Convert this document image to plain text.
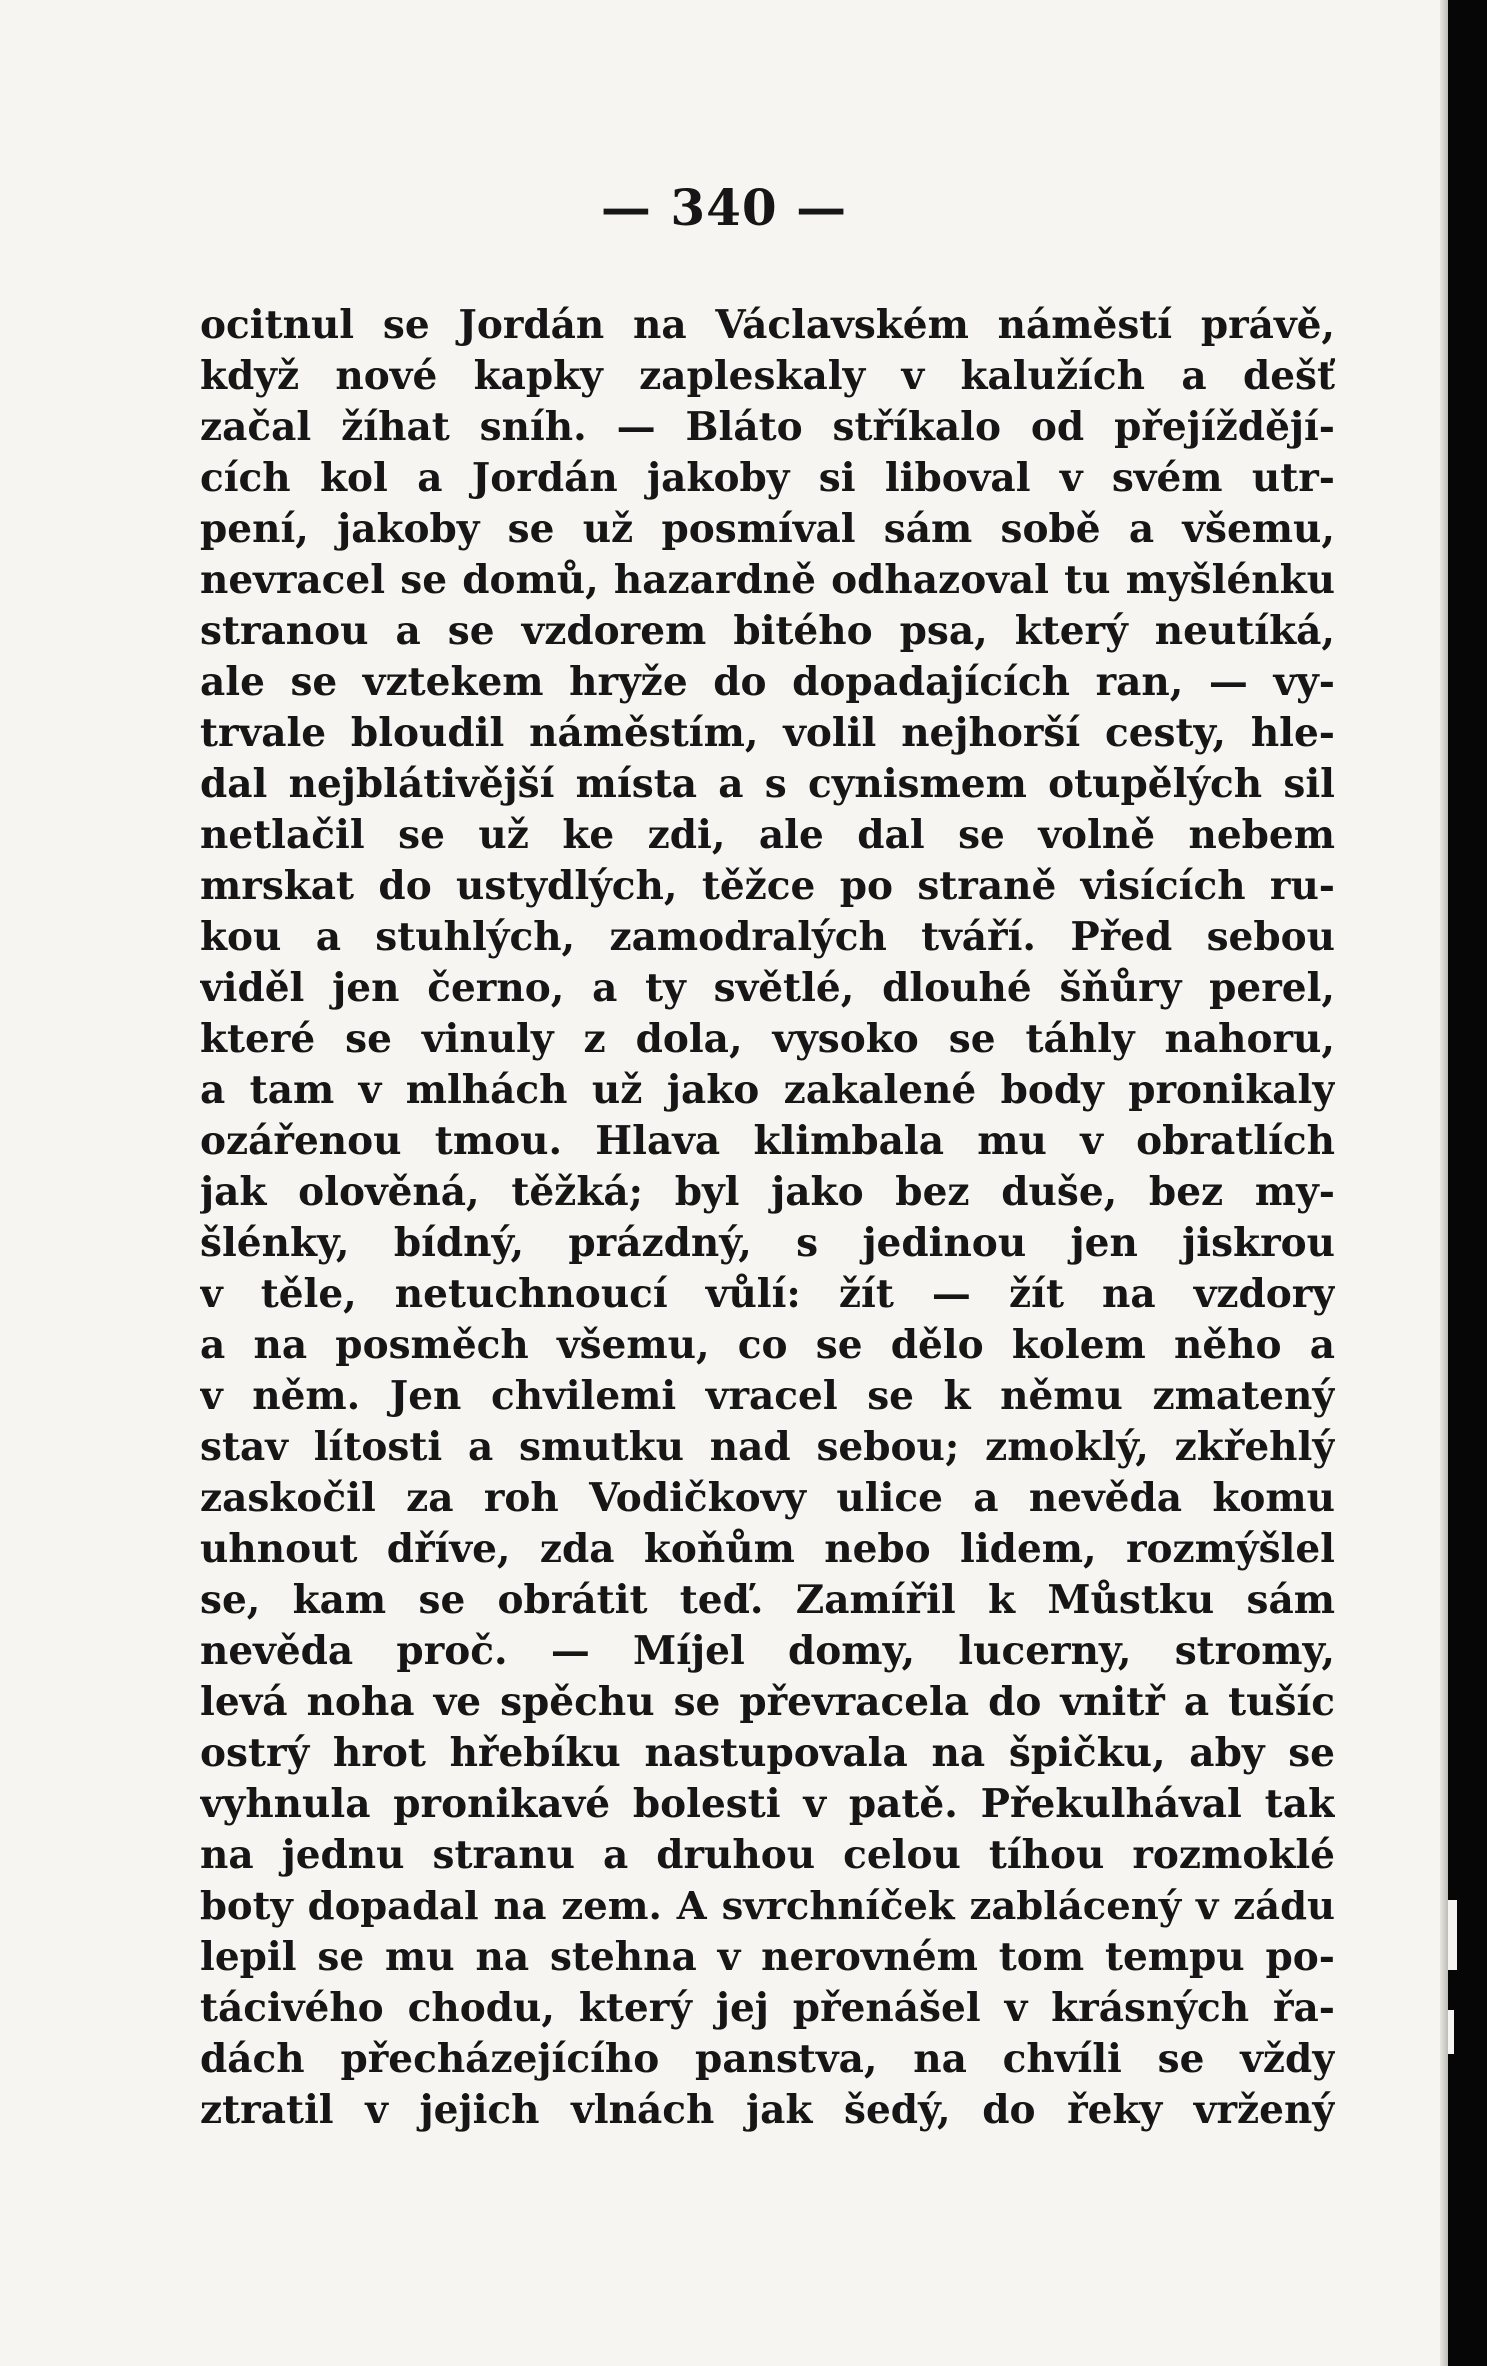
— 340 —
ocitnul se Jordán na Václavském náměstí právě,
když nové kapky zapleskaly v kalužích a dešť
začal žíhat sníh. — Bláto stříkalo od přejíždějí-
cích kol a Jordán jakoby si liboval v svém utr-
pení, jakoby se už posmíval sám sobě a všemu,
nevracel se domů, hazardně odhazoval tu myšlénku
stranou a se vzdorem bitého psa, který neutíká,
ale se vztekem hryže do dopadajících ran, — vy-
trvale bloudil náměstím, volil nejhorší cesty, hle-
dal nejblátivější místa a s cynismem otupělých sil
netlačil se už ke zdi, ale dal se volně nebem
mrskat do ustydlých, těžce po straně visících ru-
kou a stuhlých, zamodralých tváří. Před sebou
viděl jen černo, a ty světlé, dlouhé šňůry perel,
které se vinuly z dola, vysoko se táhly nahoru,
a tam v mlhách už jako zakalené body pronikaly
ozářenou tmou. Hlava klimbala mu v obratlích
jak olověná, těžká; byl jako bez duše, bez my-
šlénky, bídný, prázdný, s jedinou jen jiskrou
v těle, netuchnoucí vůlí: žít — žít na vzdory
a na posměch všemu, co se dělo kolem něho a
v něm. Jen chvilemi vracel se k němu zmatený
stav lítosti a smutku nad sebou; zmoklý, zkřehlý
zaskočil za roh Vodičkovy ulice a nevěda komu
uhnout dříve, zda koňům nebo lidem, rozmýšlel
se, kam se obrátit teď. Zamířil k Můstku sám
nevěda proč. — Míjel domy, lucerny, stromy,
levá noha ve spěchu se převracela do vnitř a tušíc
ostrý hrot hřebíku nastupovala na špičku, aby se
vyhnula pronikavé bolesti v patě. Překulhával tak
na jednu stranu a druhou celou tíhou rozmoklé
boty dopadal na zem. A svrchníček zablácený v zádu
lepil se mu na stehna v nerovném tom tempu po-
tácivého chodu, který jej přenášel v krásných řa-
dách přecházejícího panstva, na chvíli se vždy
ztratil v jejich vlnách jak šedý, do řeky vržený
